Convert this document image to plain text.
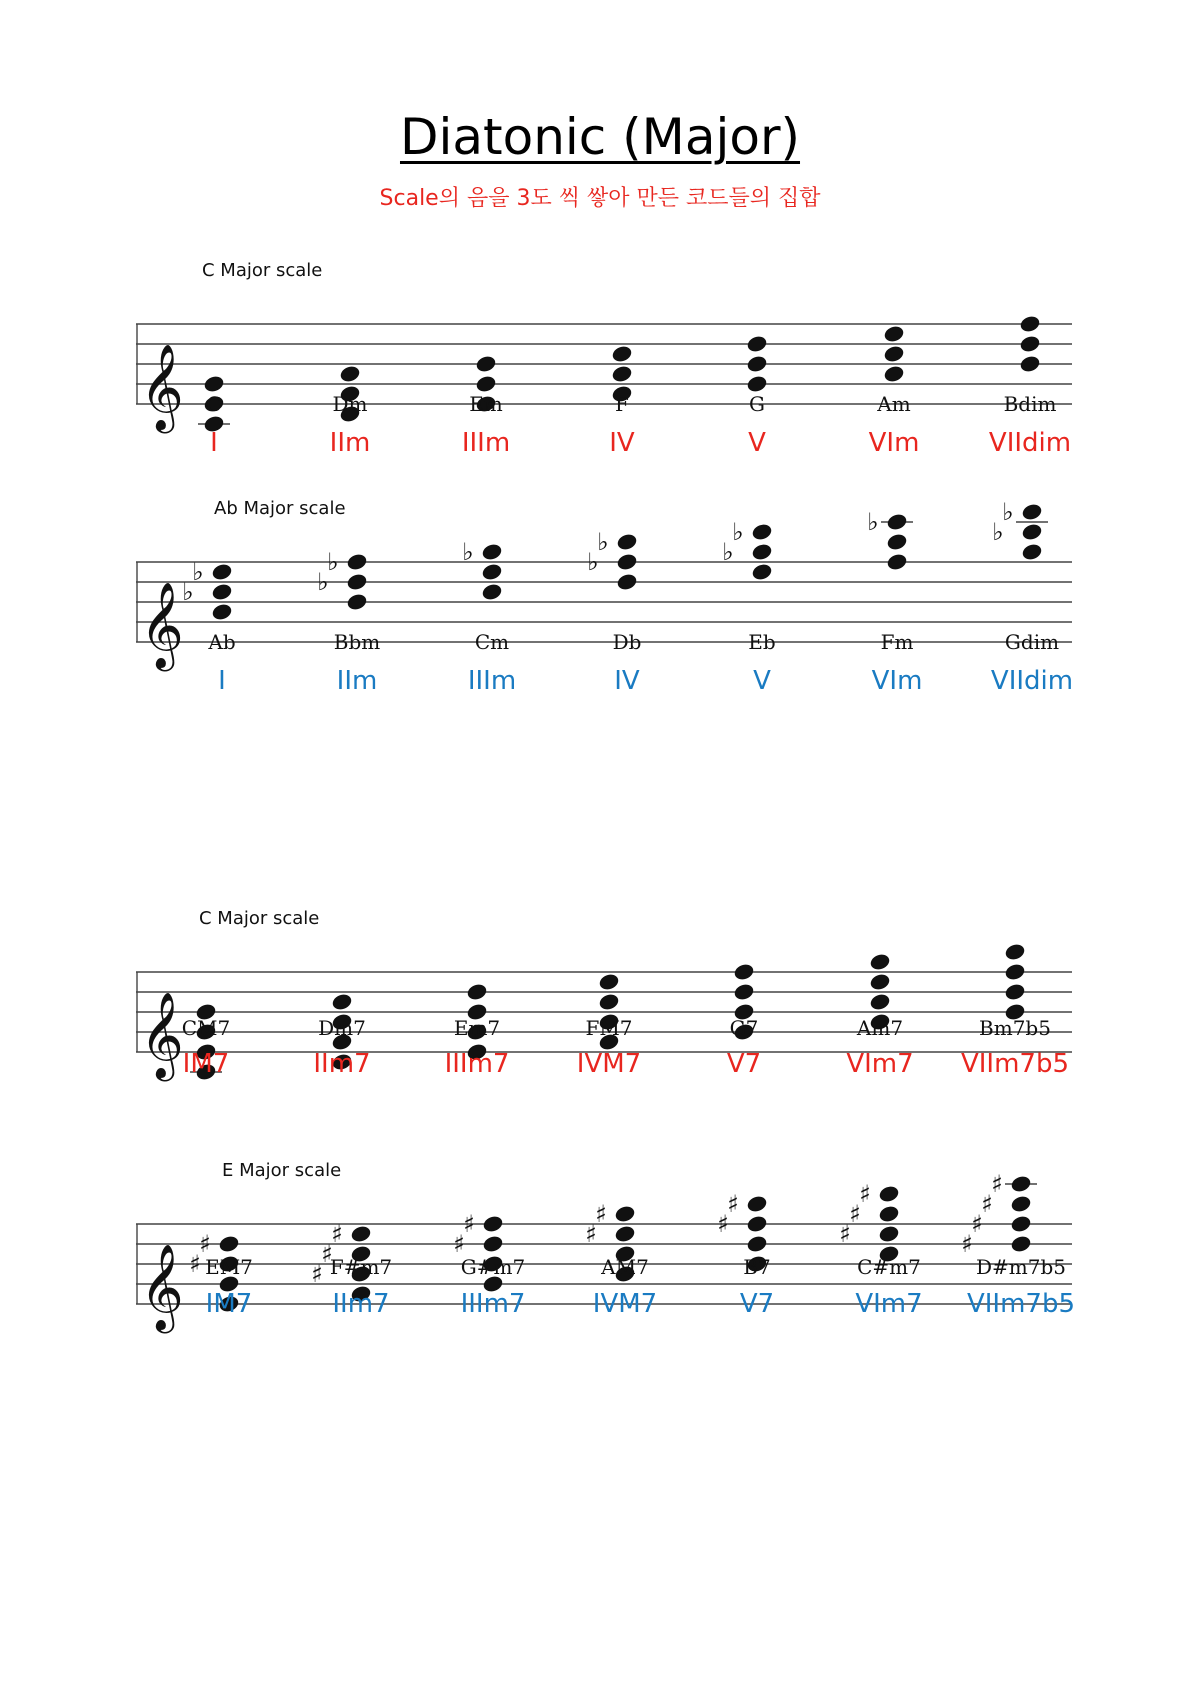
Diatonic (Major)
Scale의 음을 3도 씩 쌓아 만든 코드들의 집합
C Major scale
𝄞 C
I
Dm
IIm
Em
IIIm
F
IV
G
V
Am
VIm
Bdim
VIIdim
Ab Major scale
𝄞
♭
♭
♭
♭
♭	♭
♭
♭
♭
♭	♭
♭
Ab
I
Bbm
IIm
Cm
IIIm
Db
IV
Eb
V
Fm
VIm
Gdim
VIIdim
C Major scale
𝄞
CM7
IM7
Dm7
IIm7
Em7
IIIm7
FM7
IVM7
G7
V7
Am7
VIm7
Bm7b5
VIIm7b5
E Major scale
𝄞 ♯
♯
♯
♯
♯
♯
♯
♯
♯
♯
♯
♯
♯
♯
♯
♯
♯
♯
EM7
IM7
F#m7
IIm7
G#m7
IIIm7
AM7
IVM7
B7
V7
C#m7
VIm7
D#m7b5
VIIm7b5
